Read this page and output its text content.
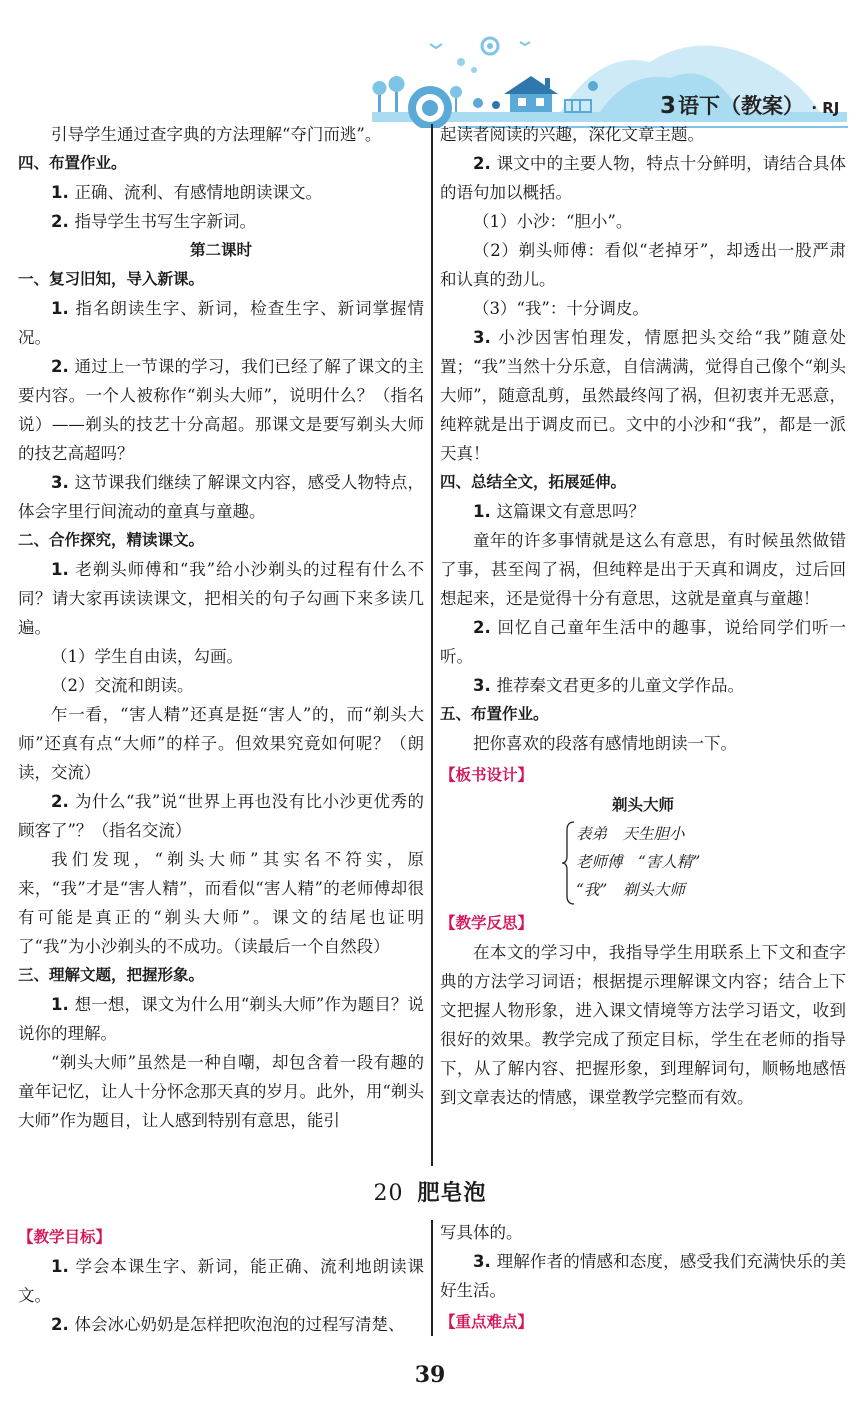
3语下（教案） · RJ

引导学生通过查字典的方法理解“夺门而逃”。

四、布置作业。

1. 正确、流利、有感情地朗读课文。

2. 指导学生书写生字新词。

第二课时

一、复习旧知，导入新课。

1. 指名朗读生字、新词，检查生字、新词掌握情况。

2. 通过上一节课的学习，我们已经了解了课文的主要内容。一个人被称作“剃头大师”，说明什么？（指名说）——剃头的技艺十分高超。那课文是要写剃头大师的技艺高超吗？

3. 这节课我们继续了解课文内容，感受人物特点，体会字里行间流动的童真与童趣。

二、合作探究，精读课文。

1. 老剃头师傅和“我”给小沙剃头的过程有什么不同？请大家再读读课文，把相关的句子勾画下来多读几遍。

（1）学生自由读，勾画。

（2）交流和朗读。

乍一看，“害人精”还真是挺“害人”的，而“剃头大师”还真有点“大师”的样子。但效果究竟如何呢？（朗读，交流）

2. 为什么“我”说“世界上再也没有比小沙更优秀的顾客了”？（指名交流）

我们发现，“剃头大师”其实名不符实，原来，“我”才是“害人精”，而看似“害人精”的老师傅却很有可能是真正的“剃头大师”。课文的结尾也证明了“我”为小沙剃头的不成功。（读最后一个自然段）

三、理解文题，把握形象。

1. 想一想，课文为什么用“剃头大师”作为题目？说说你的理解。

“剃头大师”虽然是一种自嘲，却包含着一段有趣的童年记忆，让人十分怀念那天真的岁月。此外，用“剃头大师”作为题目，让人感到特别有意思，能引

起读者阅读的兴趣，深化文章主题。

2. 课文中的主要人物，特点十分鲜明，请结合具体的语句加以概括。

（1）小沙：“胆小”。

（2）剃头师傅：看似“老掉牙”，却透出一股严肃和认真的劲儿。

（3）“我”：十分调皮。

3. 小沙因害怕理发，情愿把头交给“我”随意处置；“我”当然十分乐意，自信满满，觉得自己像个“剃头大师”，随意乱剪，虽然最终闯了祸，但初衷并无恶意，纯粹就是出于调皮而已。文中的小沙和“我”，都是一派天真！

四、总结全文，拓展延伸。

1. 这篇课文有意思吗？

童年的许多事情就是这么有意思，有时候虽然做错了事，甚至闯了祸，但纯粹是出于天真和调皮，过后回想起来，还是觉得十分有意思，这就是童真与童趣！

2. 回忆自己童年生活中的趣事，说给同学们听一听。

3. 推荐秦文君更多的儿童文学作品。

五、布置作业。

把你喜欢的段落有感情地朗读一下。

【板书设计】
剃头大师
表弟　天生胆小
老师傅　“害人精”
“我”　剃头大师
【教学反思】

在本文的学习中，我指导学生用联系上下文和查字典的方法学习词语；根据提示理解课文内容；结合上下文把握人物形象，进入课文情境等方法学习语文，收到很好的效果。教学完成了预定目标，学生在老师的指导下，从了解内容、把握形象，到理解词句，顺畅地感悟到文章表达的情感，课堂教学完整而有效。

20 肥皂泡
【教学目标】

1. 学会本课生字、新词，能正确、流利地朗读课文。

2. 体会冰心奶奶是怎样把吹泡泡的过程写清楚、

写具体的。

3. 理解作者的情感和态度，感受我们充满快乐的美好生活。

【重点难点】
39
